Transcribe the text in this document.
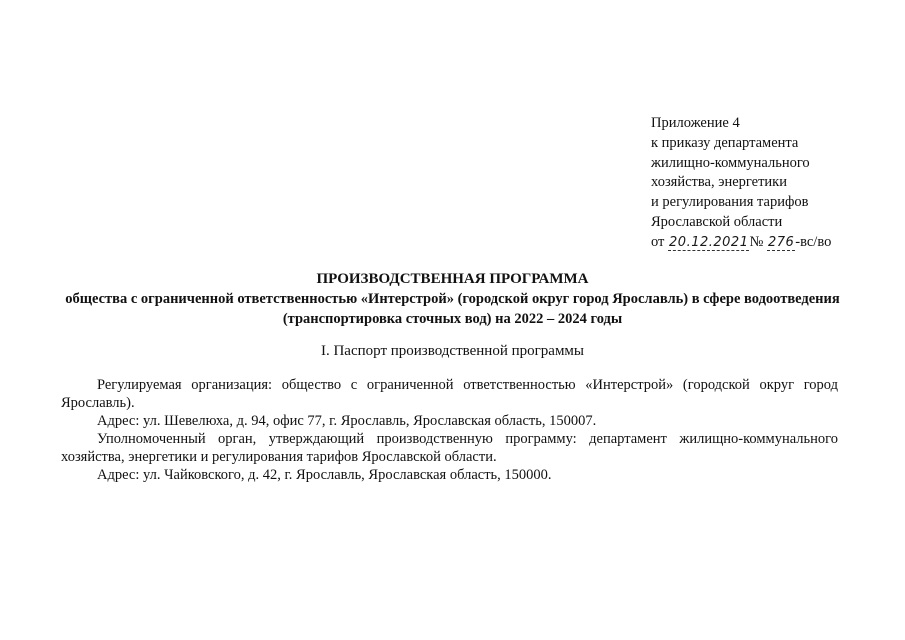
Приложение 4
к приказу департамента
жилищно-коммунального
хозяйства, энергетики
и регулирования тарифов
Ярославской области
от 20.12.2021№ 276-вс/во
ПРОИЗВОДСТВЕННАЯ ПРОГРАММА
общества с ограниченной ответственностью «Интерстрой» (городской округ город Ярославль) в сфере водоотведения (транспортировка сточных вод) на 2022 – 2024 годы
I. Паспорт производственной программы

Регулируемая организация: общество с ограниченной ответственностью «Интерстрой» (городской округ город Ярославль).

Адрес: ул. Шевелюха, д. 94, офис 77, г. Ярославль, Ярославская область, 150007.

Уполномоченный орган, утверждающий производственную программу: департамент жилищно-коммунального хозяйства, энергетики и регулирования тарифов Ярославской области.

Адрес: ул. Чайковского, д. 42, г. Ярославль, Ярославская область, 150000.
